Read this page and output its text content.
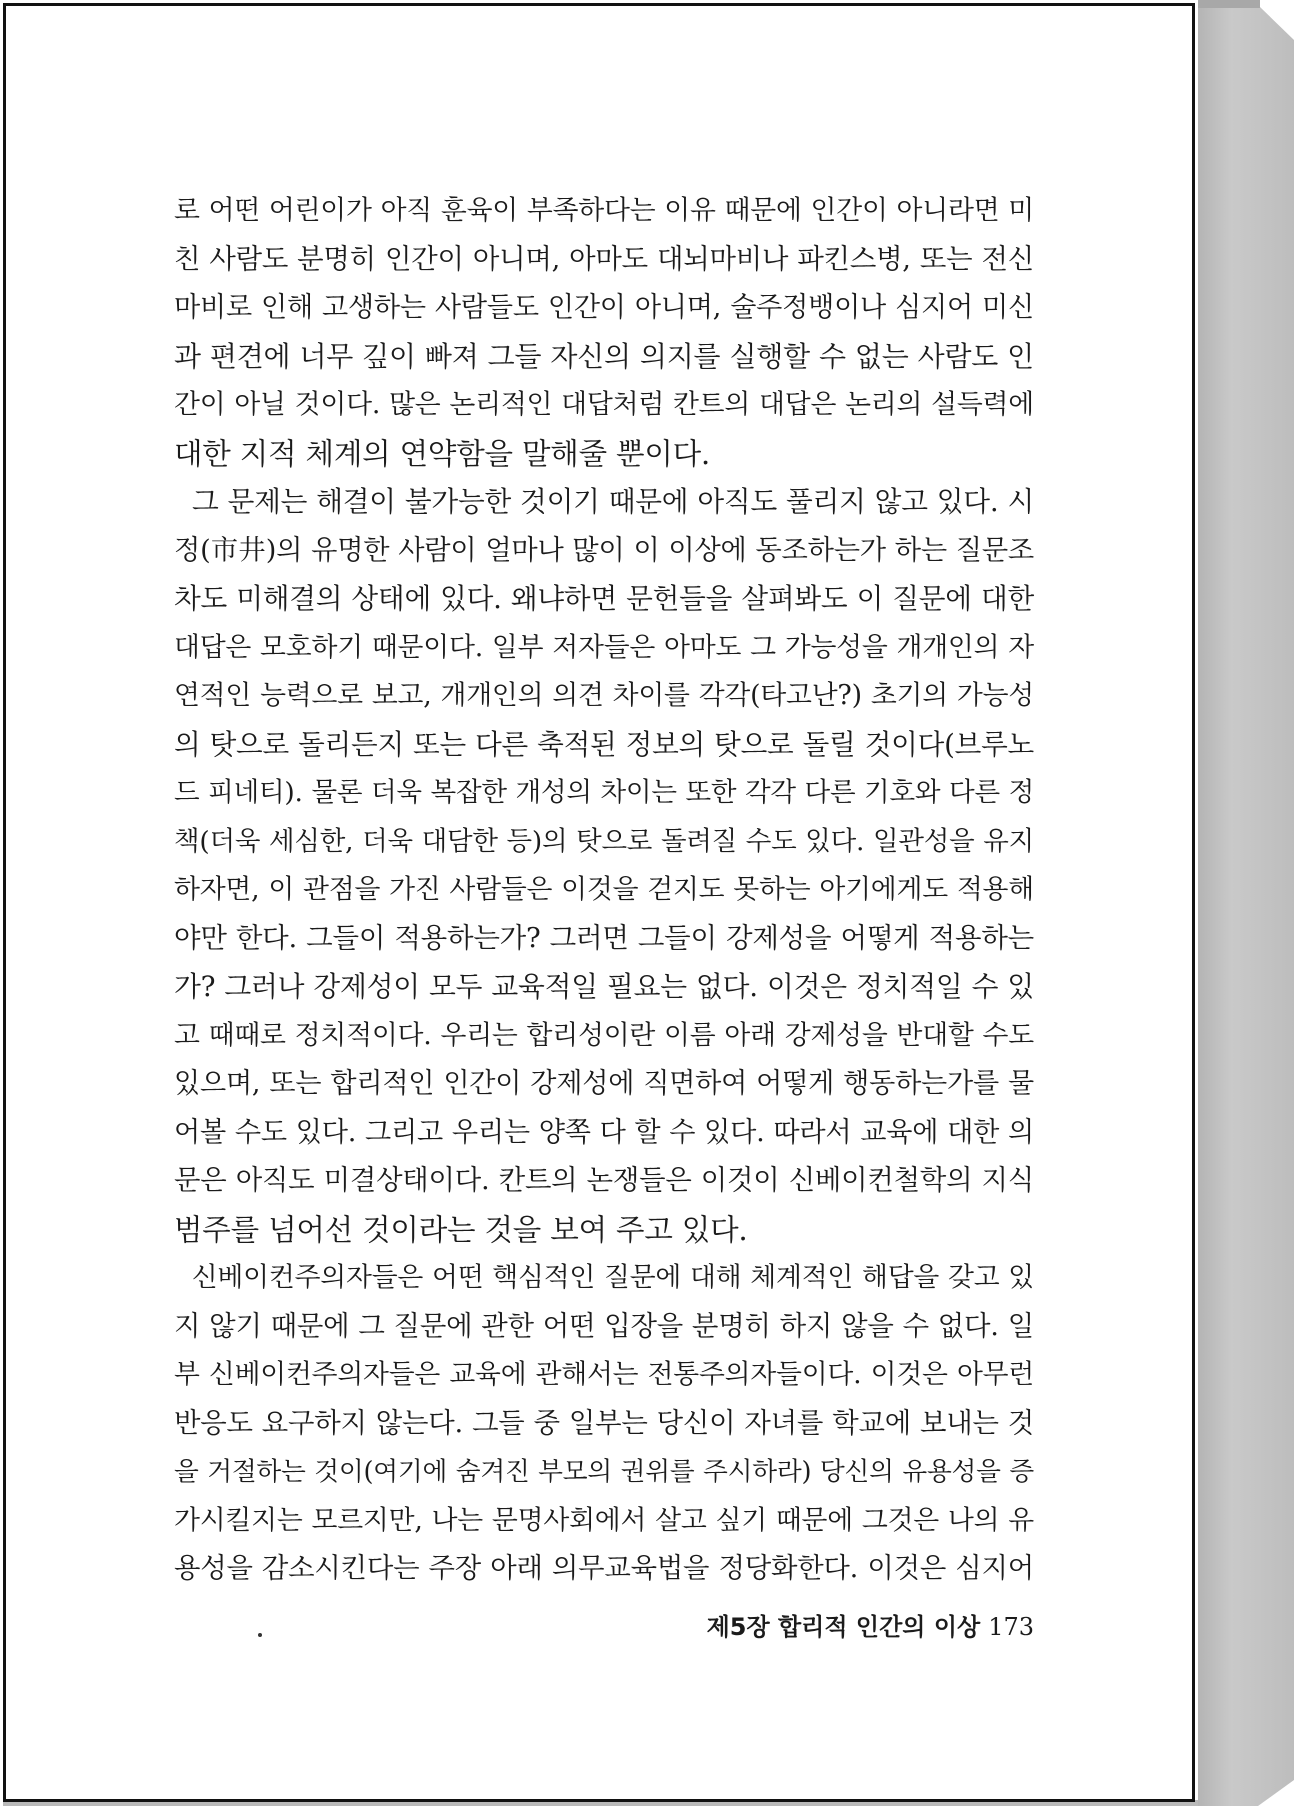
로 어떤 어린이가 아직 훈육이 부족하다는 이유 때문에 인간이 아니라면 미
친 사람도 분명히 인간이 아니며, 아마도 대뇌마비나 파킨스병, 또는 전신
마비로 인해 고생하는 사람들도 인간이 아니며, 술주정뱅이나 심지어 미신
과 편견에 너무 깊이 빠져 그들 자신의 의지를 실행할 수 없는 사람도 인
간이 아닐 것이다. 많은 논리적인 대답처럼 칸트의 대답은 논리의 설득력에
대한 지적 체계의 연약함을 말해줄 뿐이다.
그 문제는 해결이 불가능한 것이기 때문에 아직도 풀리지 않고 있다. 시
정(市井)의 유명한 사람이 얼마나 많이 이 이상에 동조하는가 하는 질문조
차도 미해결의 상태에 있다. 왜냐하면 문헌들을 살펴봐도 이 질문에 대한
대답은 모호하기 때문이다. 일부 저자들은 아마도 그 가능성을 개개인의 자
연적인 능력으로 보고, 개개인의 의견 차이를 각각(타고난?) 초기의 가능성
의 탓으로 돌리든지 또는 다른 축적된 정보의 탓으로 돌릴 것이다(브루노
드 피네티). 물론 더욱 복잡한 개성의 차이는 또한 각각 다른 기호와 다른 정
책(더욱 세심한, 더욱 대담한 등)의 탓으로 돌려질 수도 있다. 일관성을 유지
하자면, 이 관점을 가진 사람들은 이것을 걷지도 못하는 아기에게도 적용해
야만 한다. 그들이 적용하는가? 그러면 그들이 강제성을 어떻게 적용하는
가? 그러나 강제성이 모두 교육적일 필요는 없다. 이것은 정치적일 수 있
고 때때로 정치적이다. 우리는 합리성이란 이름 아래 강제성을 반대할 수도
있으며, 또는 합리적인 인간이 강제성에 직면하여 어떻게 행동하는가를 물
어볼 수도 있다. 그리고 우리는 양쪽 다 할 수 있다. 따라서 교육에 대한 의
문은 아직도 미결상태이다. 칸트의 논쟁들은 이것이 신베이컨철학의 지식
범주를 넘어선 것이라는 것을 보여 주고 있다.
신베이컨주의자들은 어떤 핵심적인 질문에 대해 체계적인 해답을 갖고 있
지 않기 때문에 그 질문에 관한 어떤 입장을 분명히 하지 않을 수 없다. 일
부 신베이컨주의자들은 교육에 관해서는 전통주의자들이다. 이것은 아무런
반응도 요구하지 않는다. 그들 중 일부는 당신이 자녀를 학교에 보내는 것
을 거절하는 것이(여기에 숨겨진 부모의 권위를 주시하라) 당신의 유용성을 증
가시킬지는 모르지만, 나는 문명사회에서 살고 싶기 때문에 그것은 나의 유
용성을 감소시킨다는 주장 아래 의무교육법을 정당화한다. 이것은 심지어
제5장 합리적 인간의 이상 173
